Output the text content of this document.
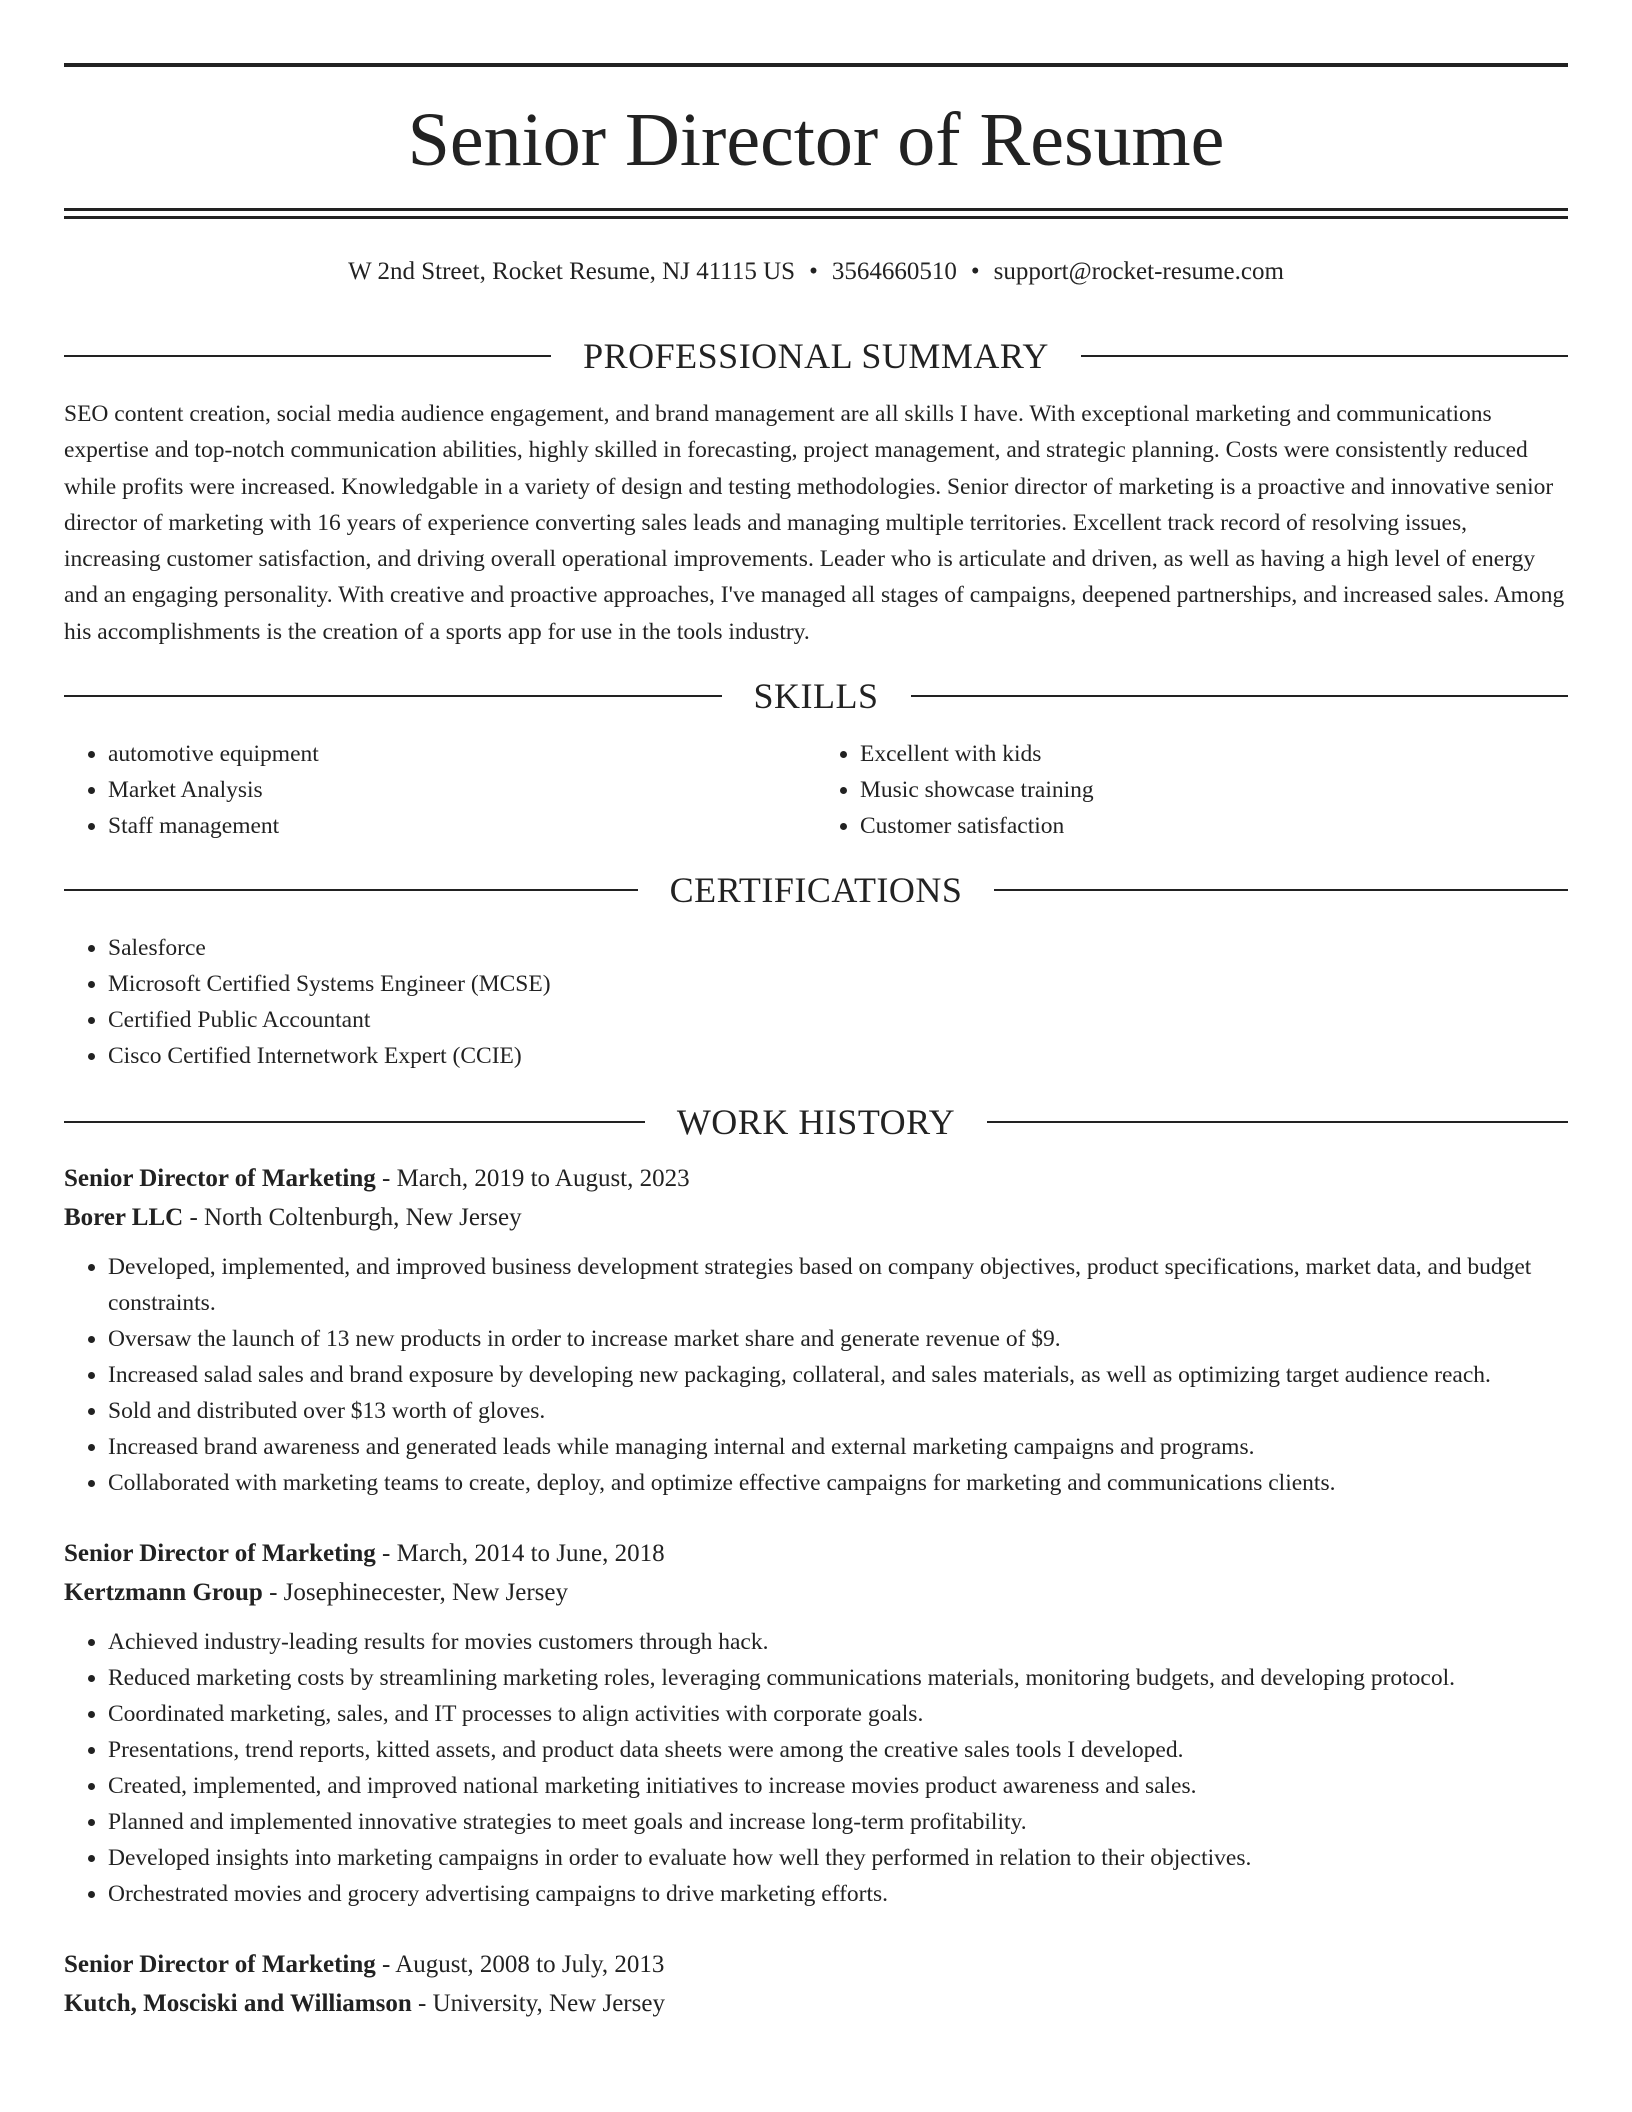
Senior Director of Resume
W 2nd Street, Rocket Resume, NJ 41115 US • 3564660510 • support@rocket-resume.com
PROFESSIONAL SUMMARY

SEO content creation, social media audience engagement, and brand management are all skills I have. With exceptional marketing and communications expertise and top-notch communication abilities, highly skilled in forecasting, project management, and strategic planning. Costs were consistently reduced while profits were increased. Knowledgable in a variety of design and testing methodologies. Senior director of marketing is a proactive and innovative senior director of marketing with 16 years of experience converting sales leads and managing multiple territories. Excellent track record of resolving issues, increasing customer satisfaction, and driving overall operational improvements. Leader who is articulate and driven, as well as having a high level of energy and an engaging personality. With creative and proactive approaches, I've managed all stages of campaigns, deepened partnerships, and increased sales. Among his accomplishments is the creation of a sports app for use in the tools industry.

SKILLS
• automotive equipment
• Market Analysis
• Staff management
• Excellent with kids
• Music showcase training
• Customer satisfaction
CERTIFICATIONS
• Salesforce
• Microsoft Certified Systems Engineer (MCSE)
• Certified Public Accountant
• Cisco Certified Internetwork Expert (CCIE)
WORK HISTORY
Senior Director of Marketing - March, 2019 to August, 2023
Borer LLC - North Coltenburgh, New Jersey
• Developed, implemented, and improved business development strategies based on company objectives, product specifications, market data, and budget constraints.
• Oversaw the launch of 13 new products in order to increase market share and generate revenue of $9.
• Increased salad sales and brand exposure by developing new packaging, collateral, and sales materials, as well as optimizing target audience reach.
• Sold and distributed over $13 worth of gloves.
• Increased brand awareness and generated leads while managing internal and external marketing campaigns and programs.
• Collaborated with marketing teams to create, deploy, and optimize effective campaigns for marketing and communications clients.
Senior Director of Marketing - March, 2014 to June, 2018
Kertzmann Group - Josephinecester, New Jersey
• Achieved industry-leading results for movies customers through hack.
• Reduced marketing costs by streamlining marketing roles, leveraging communications materials, monitoring budgets, and developing protocol.
• Coordinated marketing, sales, and IT processes to align activities with corporate goals.
• Presentations, trend reports, kitted assets, and product data sheets were among the creative sales tools I developed.
• Created, implemented, and improved national marketing initiatives to increase movies product awareness and sales.
• Planned and implemented innovative strategies to meet goals and increase long-term profitability.
• Developed insights into marketing campaigns in order to evaluate how well they performed in relation to their objectives.
• Orchestrated movies and grocery advertising campaigns to drive marketing efforts.
Senior Director of Marketing - August, 2008 to July, 2013
Kutch, Mosciski and Williamson - University, New Jersey
